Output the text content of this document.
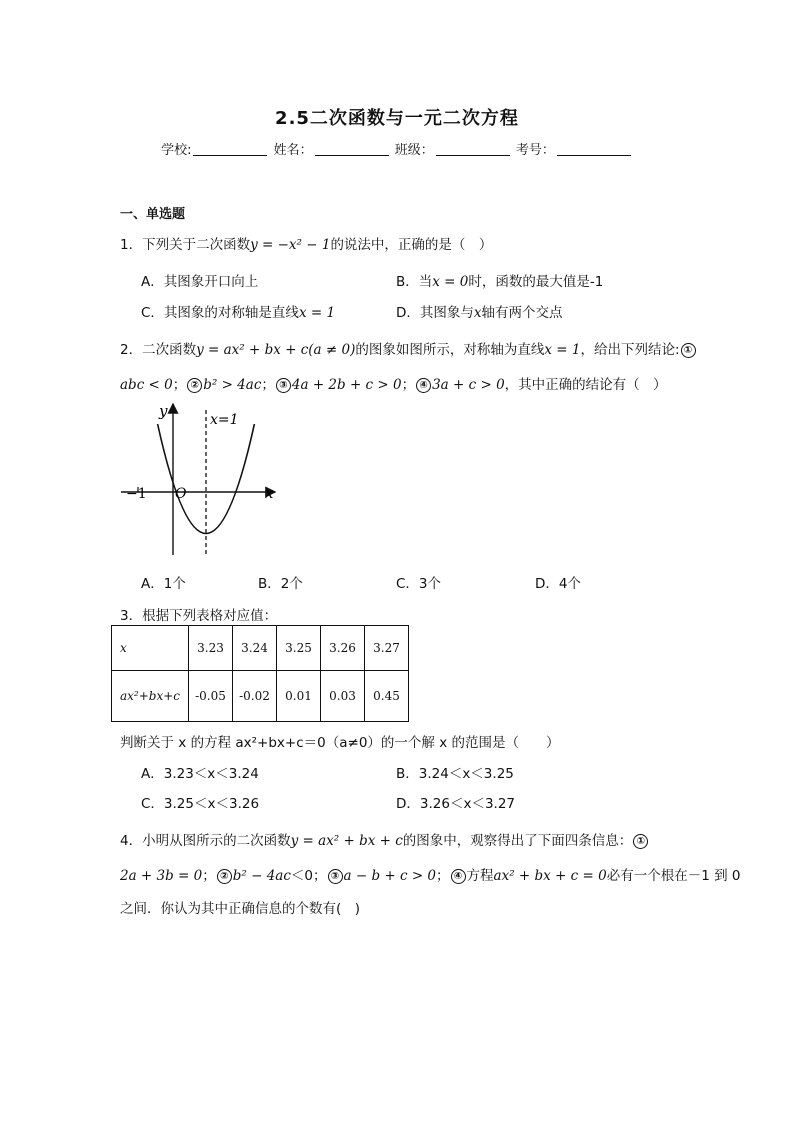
2.5二次函数与一元二次方程
学校:	姓名：	班级：	考号：
一、单选题
1．下列关于二次函数y = −x² − 1的说法中，正确的是（　）
A．其图象开口向上	B．当x = 0时，函数的最大值是-1
C．其图象的对称轴是直线x = 1	D．其图象与x轴有两个交点
2．二次函数y = ax² + bx + c(a ≠ 0)的图象如图所示，对称轴为直线x = 1，给出下列结论: ①
abc < 0； ② b² > 4ac； ③ 4a + 2b + c > 0； ④ 3a + c > 0，其中正确的结论有（　）
y
x
O
−1
x=1
A．1个	B．2个	C．3个	D．4个
3．根据下列表格对应值：
x	3.23	3.24	3.25	3.26	3.27
ax²+bx+c	-0.05	-0.02	0.01	0.03	0.45
判断关于 x 的方程 ax²+bx+c＝0（a≠0）的一个解 x 的范围是（　　）
A．3.23＜x＜3.24	B．3.24＜x＜3.25
C．3.25＜x＜3.26	D．3.26＜x＜3.27
4．小明从图所示的二次函数y = ax² + bx + c的图象中，观察得出了下面四条信息： ①
2a + 3b = 0； ② b² − 4ac＜0； ③ a − b + c > 0； ④ 方程ax² + bx + c = 0必有一个根在－1 到 0
之间．你认为其中正确信息的个数有(　)
